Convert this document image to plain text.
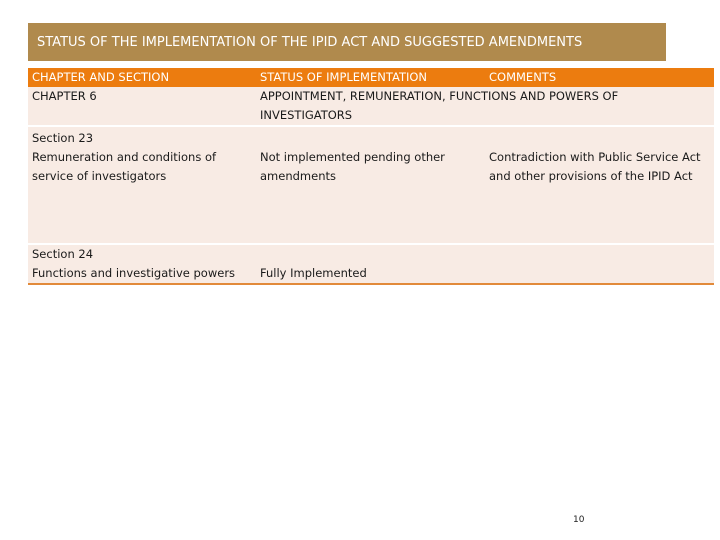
STATUS OF THE IMPLEMENTATION OF THE IPID ACT AND SUGGESTED AMENDMENTS
CHAPTER AND SECTION	STATUS OF IMPLEMENTATION	COMMENTS
CHAPTER 6	APPOINTMENT, REMUNERATION, FUNCTIONS AND POWERS OF INVESTIGATORS	

Section 23
Remuneration and conditions of service of investigators	Not implemented pending other amendments	Contradiction with Public Service Act and other provisions of the IPID Act

Section 24
Functions and investigative powers	Fully Implemented	

10
